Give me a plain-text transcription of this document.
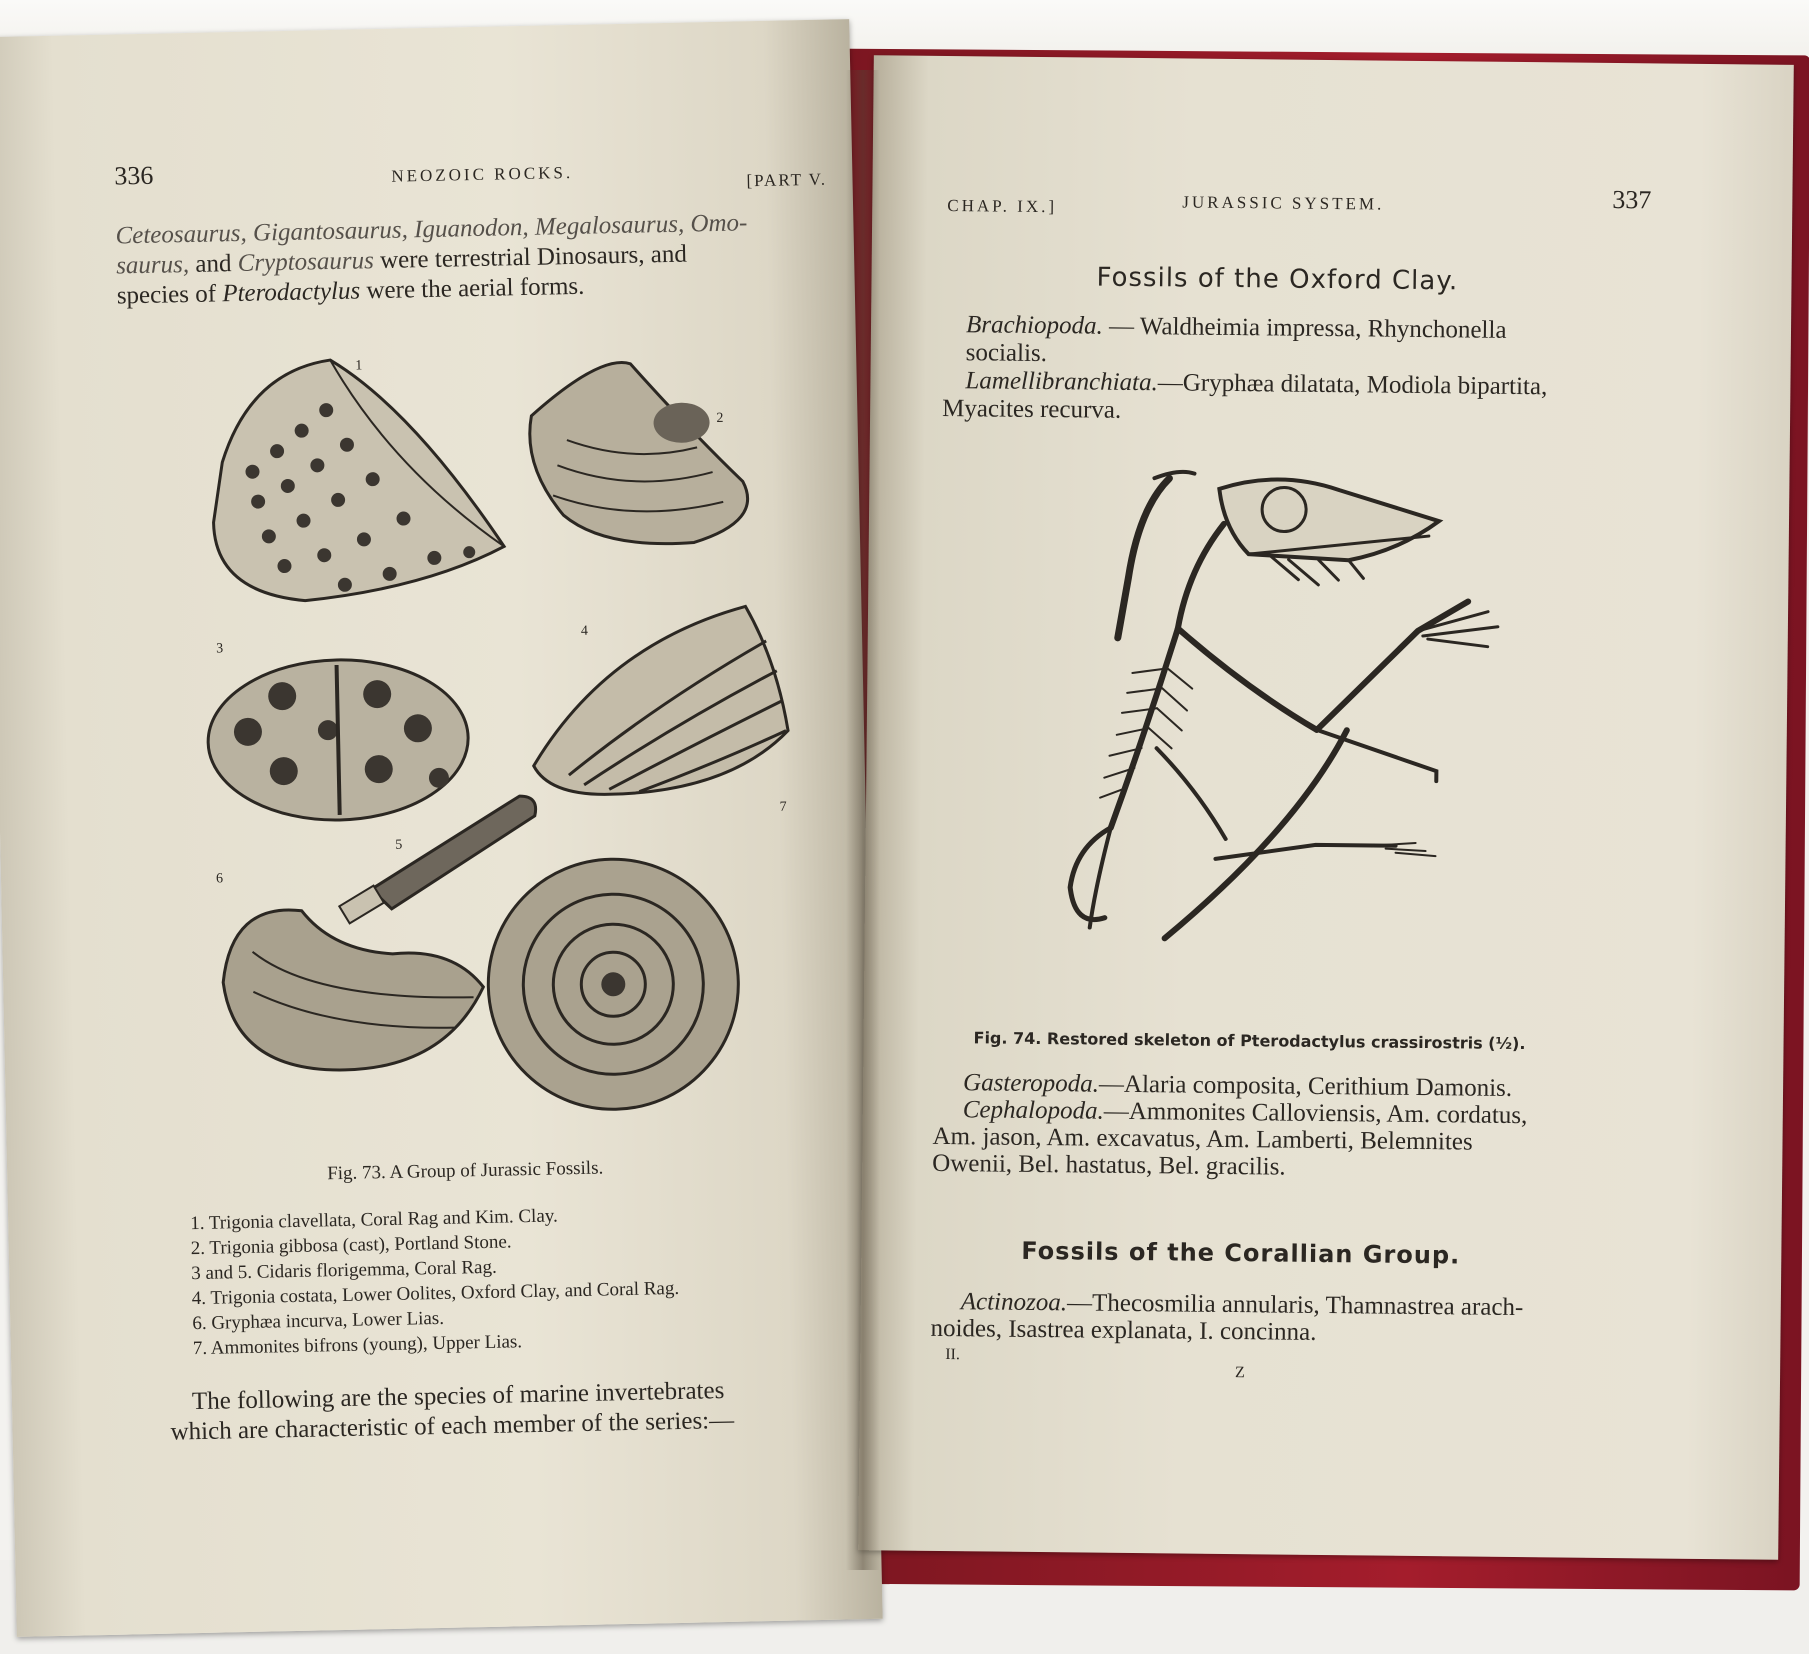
336	NEOZOIC ROCKS.	[PART V.
Ceteosaurus, Gigantosaurus, Iguanodon, Megalosaurus, Omo-
saurus, and Cryptosaurus were terrestrial Dinosaurs, and
species of Pterodactylus were the aerial forms.
1
2
3
4
5
6
7
Fig. 73. A Group of Jurassic Fossils.
1. Trigonia clavellata, Coral Rag and Kim. Clay.
2. Trigonia gibbosa (cast), Portland Stone.
3 and 5. Cidaris florigemma, Coral Rag.
4. Trigonia costata, Lower Oolites, Oxford Clay, and Coral Rag.
6. Gryphæa incurva, Lower Lias.
7. Ammonites bifrons (young), Upper Lias.
The following are the species of marine invertebrates
which are characteristic of each member of the series:—
CHAP. IX.]	JURASSIC SYSTEM.	337
Fossils of the Oxford Clay.
Brachiopoda. — Waldheimia impressa, Rhynchonella
socialis.
Lamellibranchiata.—Gryphæa dilatata, Modiola bipartita,
Myacites recurva.
Fig. 74. Restored skeleton of Pterodactylus crassirostris (½).
Gasteropoda.—Alaria composita, Cerithium Damonis.
Cephalopoda.—Ammonites Calloviensis, Am. cordatus,
Am. jason, Am. excavatus, Am. Lamberti, Belemnites
Owenii, Bel. hastatus, Bel. gracilis.
Fossils of the Corallian Group.
Actinozoa.—Thecosmilia annularis, Thamnastrea arach-
noides, Isastrea explanata, I. concinna.
II.
Z
